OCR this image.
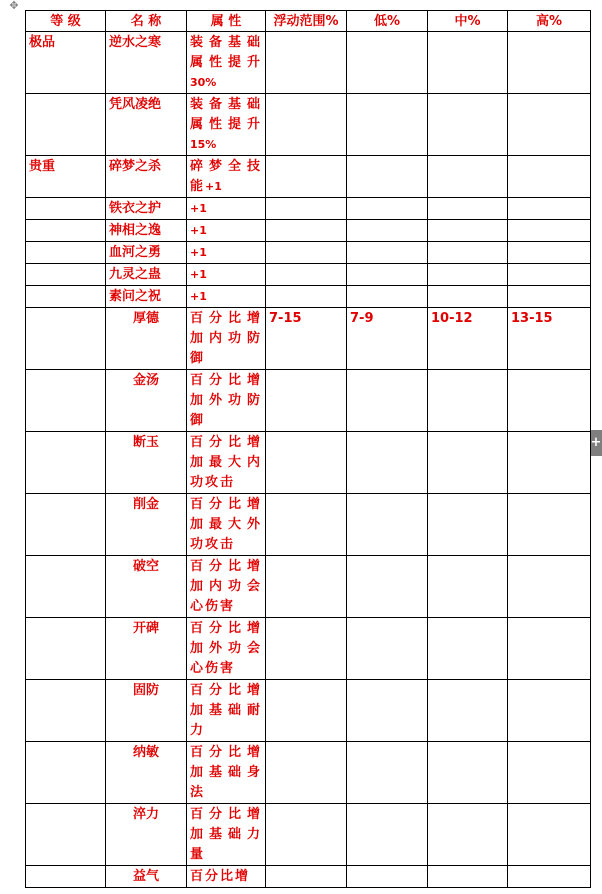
✥
+
等 级	名 称	属 性	浮动范围%	低%	中%	高%
极品	逆水之寒	装备基础属性提升30%				
	凭风凌绝	装备基础属性提升15%				
贵重	碎梦之杀	碎梦全技能+1				
	铁衣之护	+1				
	神相之逸	+1				
	血河之勇	+1				
	九灵之蛊	+1				
	素问之祝	+1				
	厚德	百分比增加内功防御	7-15	7-9	10-12	13-15
	金汤	百分比增加外功防御				
	断玉	百分比增加最大内功攻击				
	削金	百分比增加最大外功攻击				
	破空	百分比增加内功会心伤害				
	开碑	百分比增加外功会心伤害				
	固防	百分比增加基础耐力				
	纳敏	百分比增加基础身法				
	淬力	百分比增加基础力量				
	益气	百分比增				
